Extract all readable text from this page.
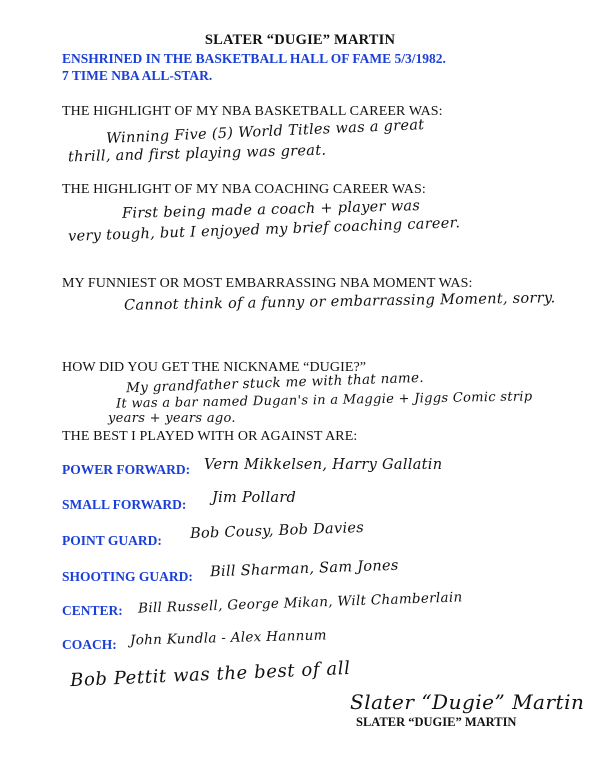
SLATER “DUGIE” MARTIN
ENSHRINED IN THE BASKETBALL HALL OF FAME 5/3/1982.
7 TIME NBA ALL-STAR.
THE HIGHLIGHT OF MY NBA BASKETBALL CAREER WAS:
Winning Five (5) World Titles was a great
thrill, and first playing was great.
THE HIGHLIGHT OF MY NBA COACHING CAREER WAS:
First being made a coach + player was
very tough, but I enjoyed my brief coaching career.
MY FUNNIEST OR MOST EMBARRASSING NBA MOMENT WAS:
Cannot think of a funny or embarrassing Moment, sorry.
HOW DID YOU GET THE NICKNAME “DUGIE?”
My grandfather stuck me with that name.
It was a bar named Dugan's in a Maggie + Jiggs Comic strip
years + years ago.
THE BEST I PLAYED WITH OR AGAINST ARE:
POWER FORWARD: Vern Mikkelsen, Harry Gallatin
SMALL FORWARD: Jim Pollard
POINT GUARD: Bob Cousy, Bob Davies
SHOOTING GUARD: Bill Sharman, Sam Jones
CENTER: Bill Russell, George Mikan, Wilt Chamberlain
COACH: John Kundla - Alex Hannum
Bob Pettit was the best of all
Slater “Dugie” Martin
SLATER “DUGIE” MARTIN
